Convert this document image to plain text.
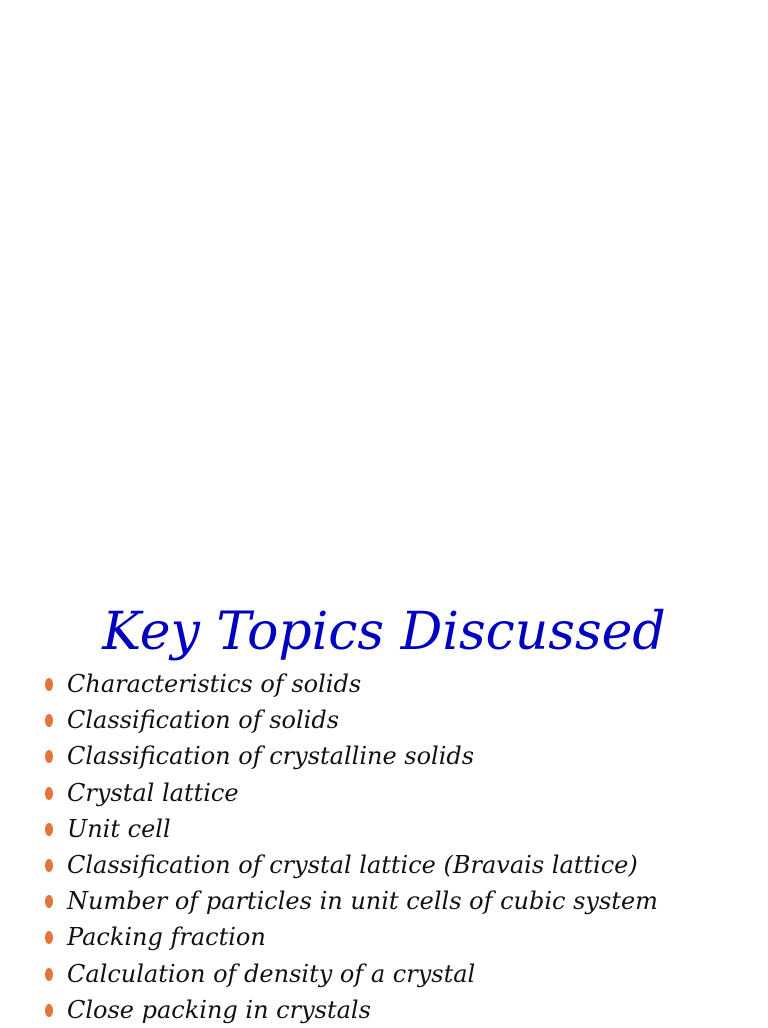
Key Topics Discussed
Characteristics of solids
Classification of solids
Classification of crystalline solids
Crystal lattice
Unit cell
Classification of crystal lattice (Bravais lattice)
Number of particles in unit cells of cubic system
Packing fraction
Calculation of density of a crystal
Close packing in crystals
